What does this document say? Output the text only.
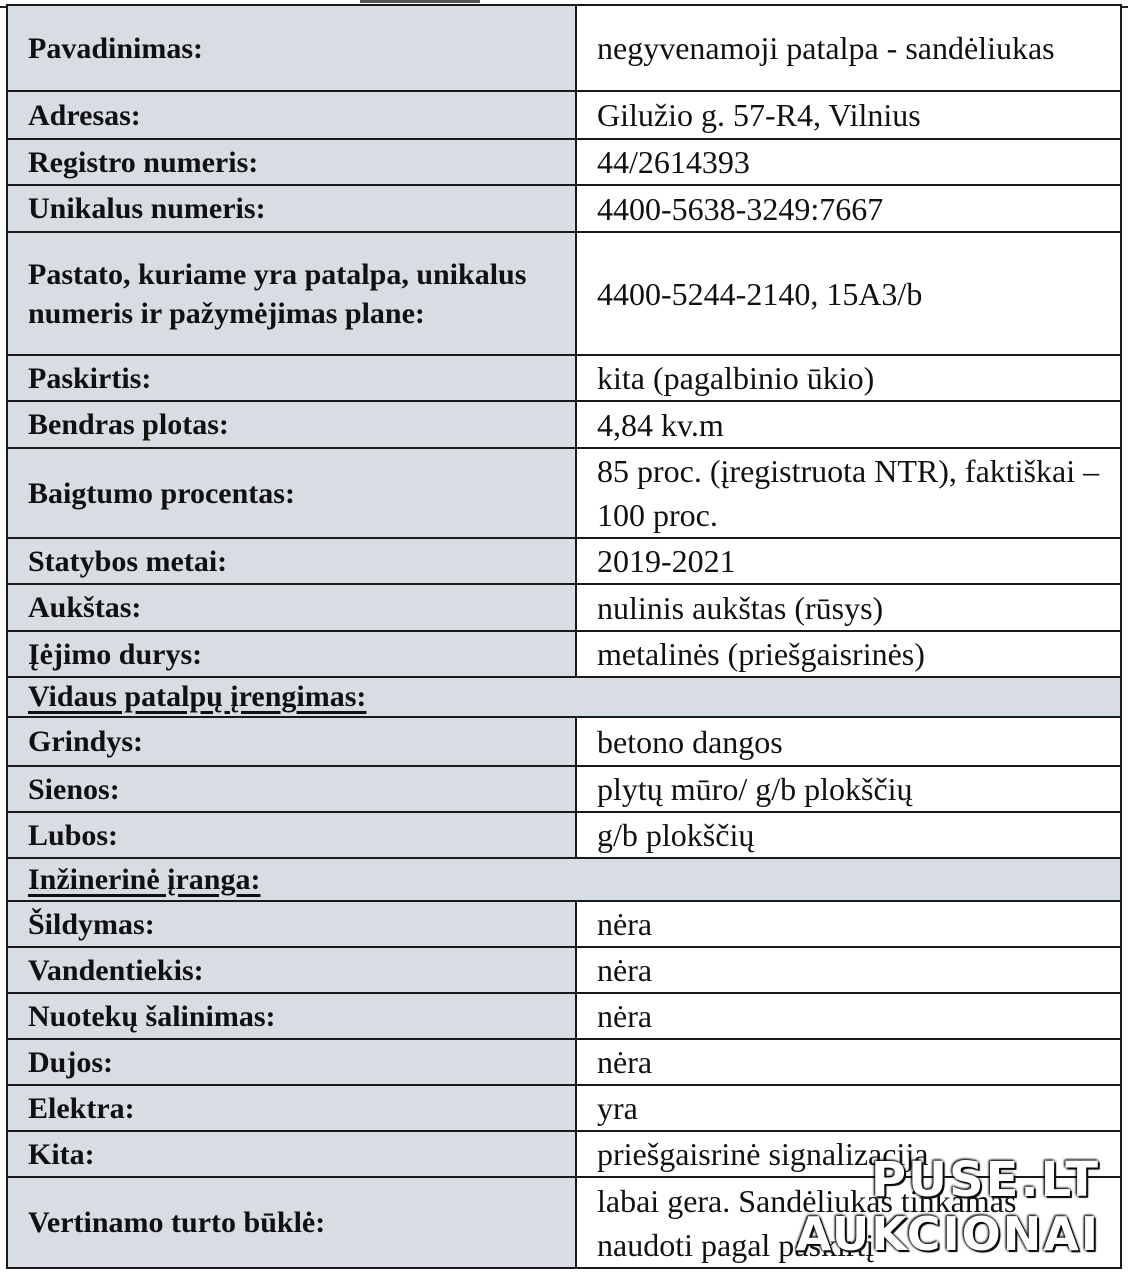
Pavadinimas:	negyvenamoji patalpa - sandėliukas
Adresas:	Gilužio g. 57-R4, Vilnius
Registro numeris:	44/2614393
Unikalus numeris:	4400-5638-3249:7667
Pastato, kuriame yra patalpa, unikalus numeris ir pažymėjimas plane:	4400-5244-2140, 15A3/b
Paskirtis:	kita (pagalbinio ūkio)
Bendras plotas:	4,84 kv.m
Baigtumo procentas:	85 proc. (įregistruota NTR), faktiškai – 100 proc.
Statybos metai:	2019-2021
Aukštas:	nulinis aukštas (rūsys)
Įėjimo durys:	metalinės (priešgaisrinės)
Vidaus patalpų įrengimas:	
Grindys:	betono dangos
Sienos:	plytų mūro/ g/b plokščių
Lubos:	g/b plokščių
Inžinerinė įranga:	
Šildymas:	nėra
Vandentiekis:	nėra
Nuotekų šalinimas:	nėra
Dujos:	nėra
Elektra:	yra
Kita:	priešgaisrinė signalizacija
Vertinamo turto būklė:	labai gera. Sandėliukas tinkamas naudoti pagal paskirtį
PUSE.LT
AUKCIONAI
